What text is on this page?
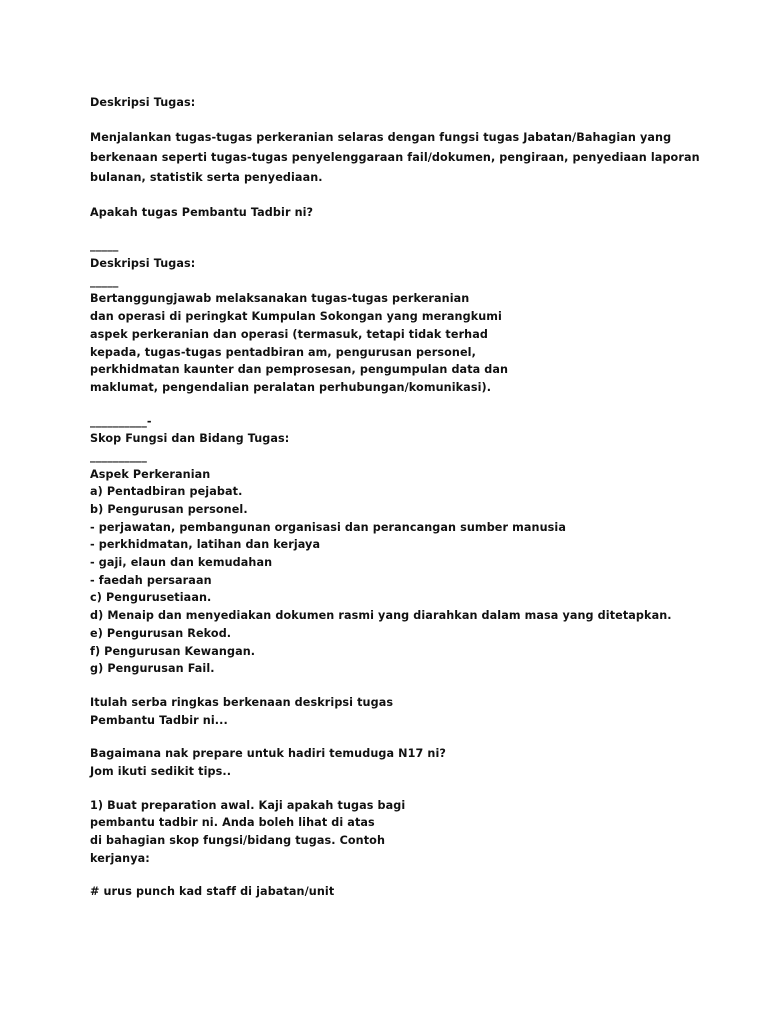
Deskripsi Tugas:
Menjalankan tugas-tugas perkeranian selaras dengan fungsi tugas Jabatan/Bahagian yang
berkenaan seperti tugas-tugas penyelenggaraan fail/dokumen, pengiraan, penyediaan laporan
bulanan, statistik serta penyediaan.
Apakah tugas Pembantu Tadbir ni?
_____
Deskripsi Tugas:
_____
Bertanggungjawab melaksanakan tugas-tugas perkeranian
dan operasi di peringkat Kumpulan Sokongan yang merangkumi
aspek perkeranian dan operasi (termasuk, tetapi tidak terhad
kepada, tugas-tugas pentadbiran am, pengurusan personel,
perkhidmatan kaunter dan pemprosesan, pengumpulan data dan
maklumat, pengendalian peralatan perhubungan/komunikasi).
__________-
Skop Fungsi dan Bidang Tugas:
__________
Aspek Perkeranian
a) Pentadbiran pejabat.
b) Pengurusan personel.
- perjawatan, pembangunan organisasi dan perancangan sumber manusia
- perkhidmatan, latihan dan kerjaya
- gaji, elaun dan kemudahan
- faedah persaraan
c) Pengurusetiaan.
d) Menaip dan menyediakan dokumen rasmi yang diarahkan dalam masa yang ditetapkan.
e) Pengurusan Rekod.
f) Pengurusan Kewangan.
g) Pengurusan Fail.
Itulah serba ringkas berkenaan deskripsi tugas
Pembantu Tadbir ni...
Bagaimana nak prepare untuk hadiri temuduga N17 ni?
Jom ikuti sedikit tips..
1) Buat preparation awal. Kaji apakah tugas bagi
pembantu tadbir ni. Anda boleh lihat di atas
di bahagian skop fungsi/bidang tugas. Contoh
kerjanya:
# urus punch kad staff di jabatan/unit
